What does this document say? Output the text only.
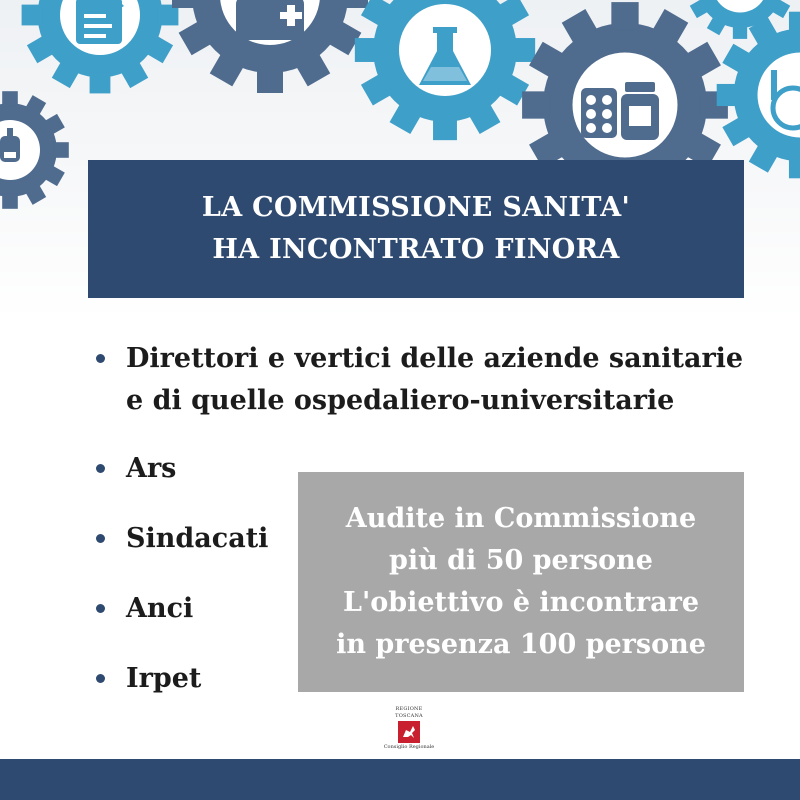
LA COMMISSIONE SANITA'
HA INCONTRATO FINORA
Direttori e vertici delle aziende sanitarie
e di quelle ospedaliero-universitarie
Ars
Sindacati
Anci
Irpet
Audite in Commissione
più di 50 persone
L'obiettivo è incontrare
in presenza 100 persone
REGIONE TOSCANA
Consiglio Regionale
